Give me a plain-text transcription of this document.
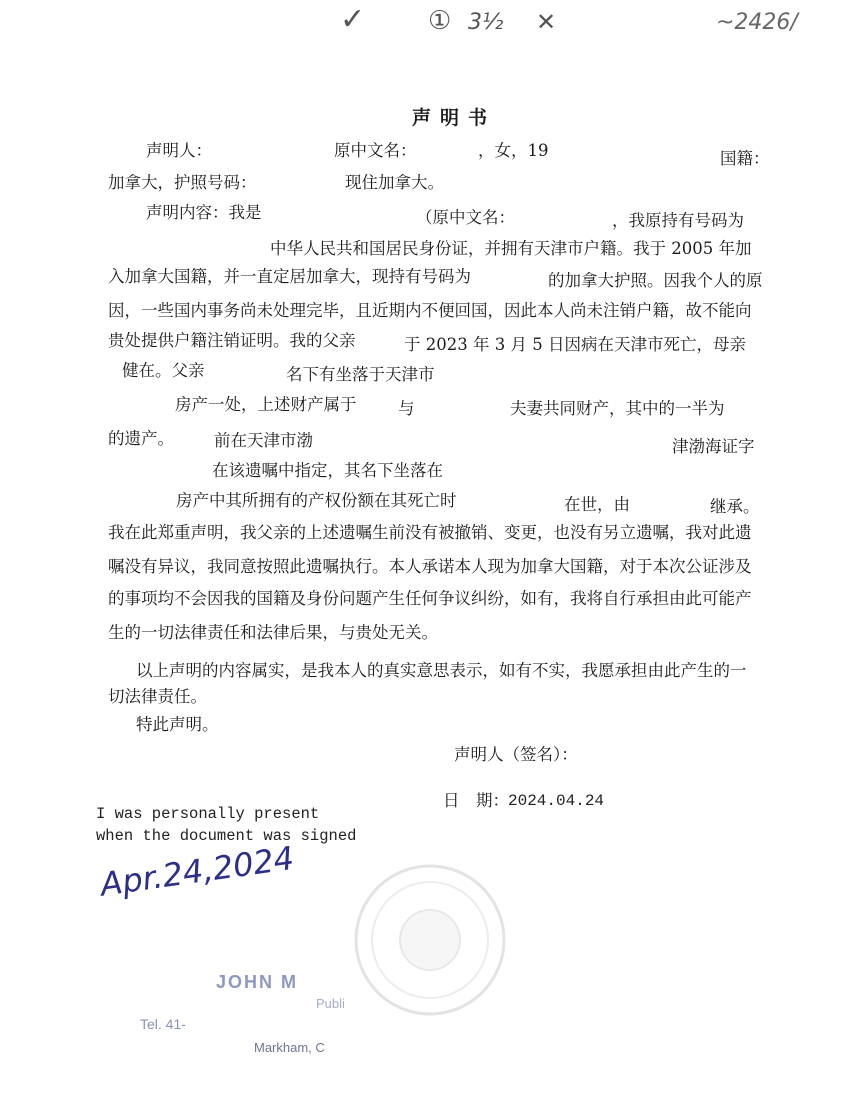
✓ ① 3½ ✕	~2426/
声明书
声明人：	原中文名：	，女，19	国籍：
加拿大，护照号码：	现住加拿大。
声明内容：我是	（原中文名：	，我原持有号码为
中华人民共和国居民身份证，并拥有天津市户籍。我于 2005 年加
入加拿大国籍，并一直定居加拿大，现持有号码为	的加拿大护照。因我个人的原
因，一些国内事务尚未处理完毕，且近期内不便回国，因此本人尚未注销户籍，故不能向
贵处提供户籍注销证明。我的父亲	于 2023 年 3 月 5 日因病在天津市死亡，母亲
健在。父亲	名下有坐落于天津市
房产一处，上述财产属于	与	夫妻共同财产，其中的一半为
的遗产。 前在天津市渤	津渤海证字
在该遗嘱中指定，其名下坐落在
房产中其所拥有的产权份额在其死亡时	在世，由	继承。
我在此郑重声明，我父亲的上述遗嘱生前没有被撤销、变更，也没有另立遗嘱，我对此遗
嘱没有异议，我同意按照此遗嘱执行。本人承诺本人现为加拿大国籍，对于本次公证涉及
的事项均不会因我的国籍及身份问题产生任何争议纠纷，如有，我将自行承担由此可能产
生的一切法律责任和法律后果，与贵处无关。
以上声明的内容属实，是我本人的真实意思表示，如有不实，我愿承担由此产生的一
切法律责任。
特此声明。
声明人（签名）：
日　期： 2024.04.24
I was personally present
when the document was signed
Apr.24,2024
JOHN M
Publi
Tel. 41-
Markham, C
